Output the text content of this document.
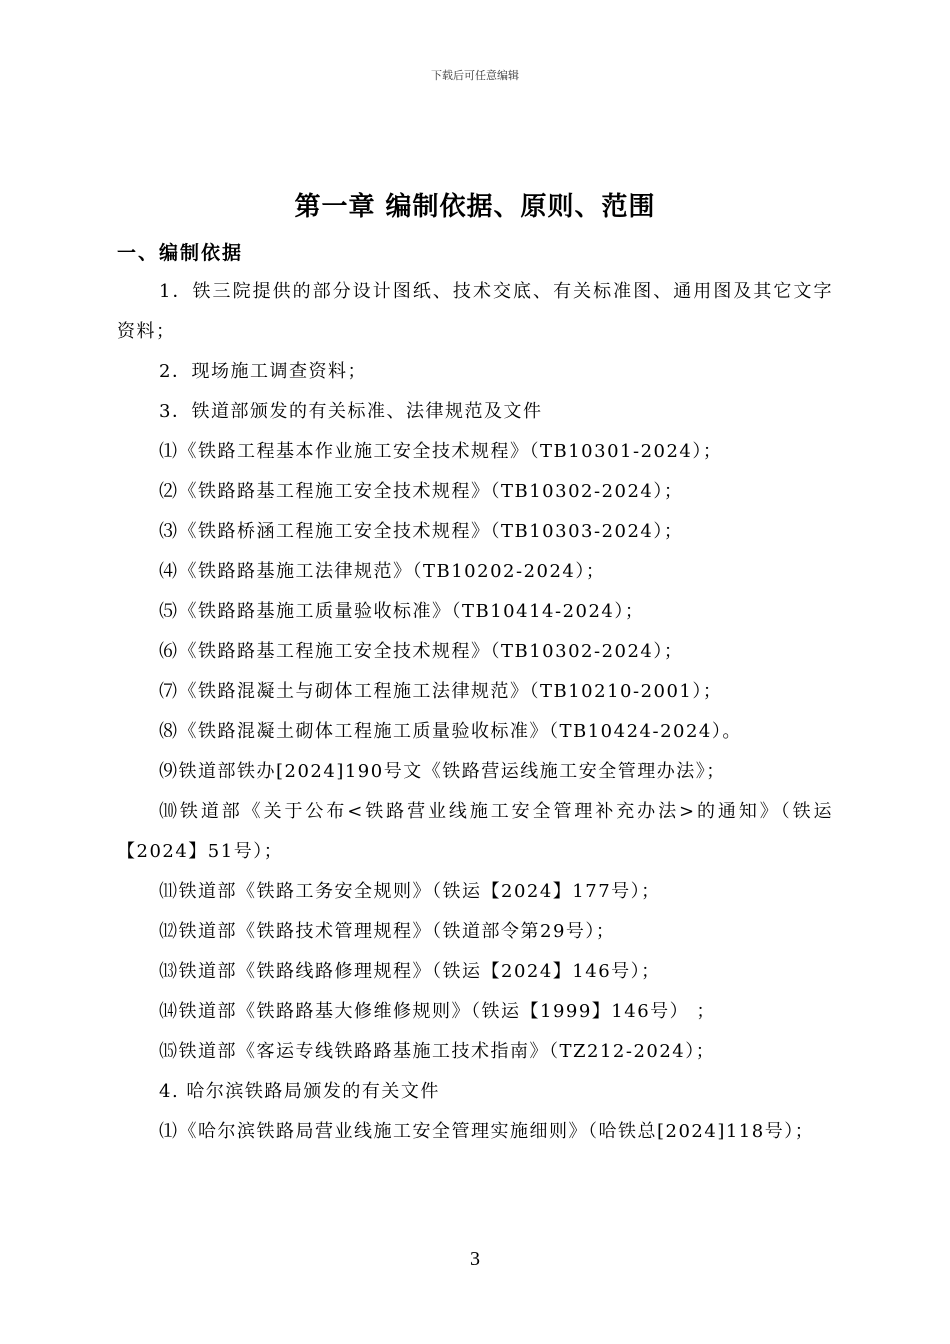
下载后可任意编辑
第一章 编制依据、原则、范围
一、编制依据

1．铁三院提供的部分设计图纸、技术交底、有关标准图、通用图及其它文字资料；

2．现场施工调查资料；

3．铁道部颁发的有关标准、法律规范及文件

⑴《铁路工程基本作业施工安全技术规程》（TB10301-2024）；

⑵《铁路路基工程施工安全技术规程》（TB10302-2024）；

⑶《铁路桥涵工程施工安全技术规程》（TB10303-2024）；

⑷《铁路路基施工法律规范》（TB10202-2024）；

⑸《铁路路基施工质量验收标准》（TB10414-2024）；

⑹《铁路路基工程施工安全技术规程》（TB10302-2024）；

⑺《铁路混凝土与砌体工程施工法律规范》（TB10210-2001）；

⑻《铁路混凝土砌体工程施工质量验收标准》（TB10424-2024）。

⑼铁道部铁办[2024]190号文《铁路营运线施工安全管理办法》；

⑽铁道部《关于公布<铁路营业线施工安全管理补充办法>的通知》（铁运【2024】51号）；

⑾铁道部《铁路工务安全规则》（铁运【2024】177号）；

⑿铁道部《铁路技术管理规程》（铁道部令第29号）；

⒀铁道部《铁路线路修理规程》（铁运【2024】146号）；

⒁铁道部《铁路路基大修维修规则》（铁运【1999】146号） ；

⒂铁道部《客运专线铁路路基施工技术指南》（TZ212-2024）；

4. 哈尔滨铁路局颁发的有关文件

⑴《哈尔滨铁路局营业线施工安全管理实施细则》（哈铁总[2024]118号）；

3
